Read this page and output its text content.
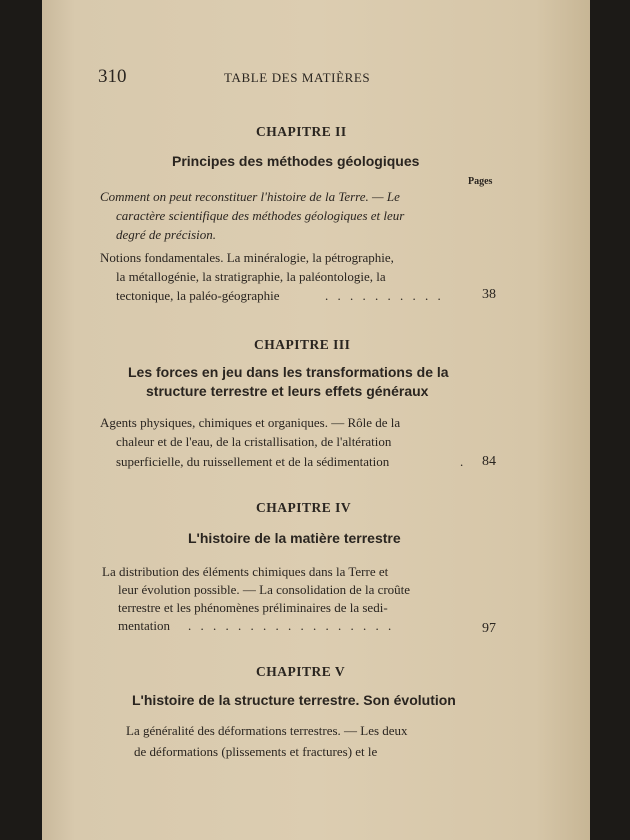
310	TABLE DES MATIÈRES
CHAPITRE II
Principes des méthodes géologiques
Pages
Comment on peut reconstituer l'histoire de la Terre. — Le
caractère scientifique des méthodes géologiques et leur
degré de précision.
Notions fondamentales. La minéralogie, la pétrographie,
la métallogénie, la stratigraphie, la paléontologie, la
tectonique, la paléo-géographie	. . . . . . . . . .	38
CHAPITRE III
Les forces en jeu dans les transformations de la
structure terrestre et leurs effets généraux
Agents physiques, chimiques et organiques. — Rôle de la
chaleur et de l'eau, de la cristallisation, de l'altération
superficielle, du ruissellement et de la sédimentation	. 84
CHAPITRE IV
L'histoire de la matière terrestre
La distribution des éléments chimiques dans la Terre et
leur évolution possible. — La consolidation de la croûte
terrestre et les phénomènes préliminaires de la sedi-
mentation . . . . . . . . . . . . . . . . .	97
CHAPITRE V
L'histoire de la structure terrestre. Son évolution
La généralité des déformations terrestres. — Les deux
de déformations (plissements et fractures) et le
